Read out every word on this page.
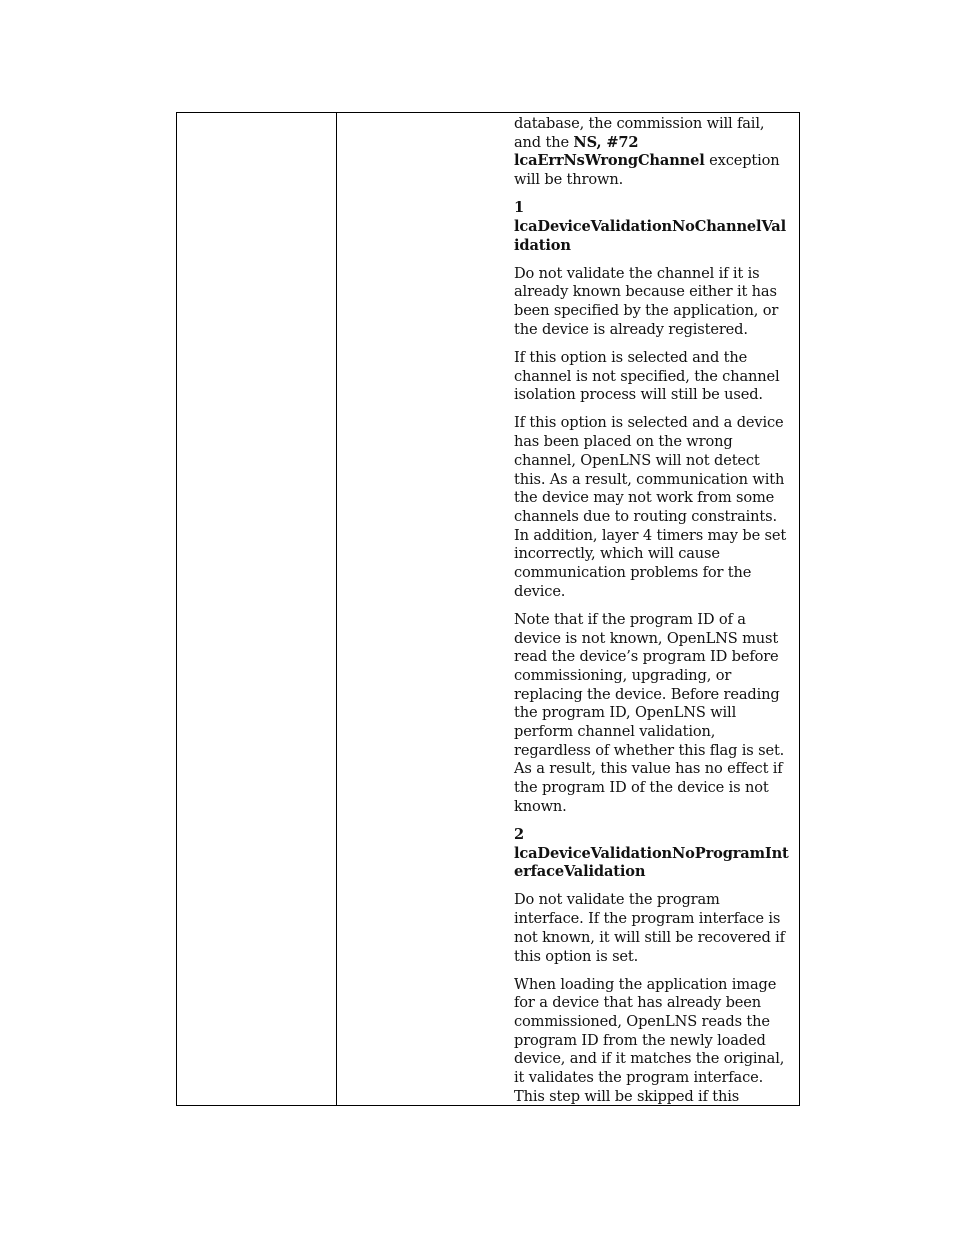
database, the commission will fail, and the NS, #72 lcaErrNsWrongChannel exception will be thrown.

1
lcaDeviceValidationNoChannelValidation

Do not validate the channel if it is already known because either it has been specified by the application, or the device is already registered.

If this option is selected and the channel is not specified, the channel isolation process will still be used.

If this option is selected and a device has been placed on the wrong channel, OpenLNS will not detect this. As a result, communication with the device may not work from some channels due to routing constraints. In addition, layer 4 timers may be set incorrectly, which will cause communication problems for the device.

Note that if the program ID of a device is not known, OpenLNS must read the device’s program ID before commissioning, upgrading, or replacing the device. Before reading the program ID, OpenLNS will perform channel validation, regardless of whether this flag is set. As a result, this value has no effect if the program ID of the device is not known.

2
lcaDeviceValidationNoProgramInterfaceValidation

Do not validate the program interface. If the program interface is not known, it will still be recovered if this option is set.

When loading the application image for a device that has already been commissioned, OpenLNS reads the program ID from the newly loaded device, and if it matches the original, it validates the program interface. This step will be skipped if this
